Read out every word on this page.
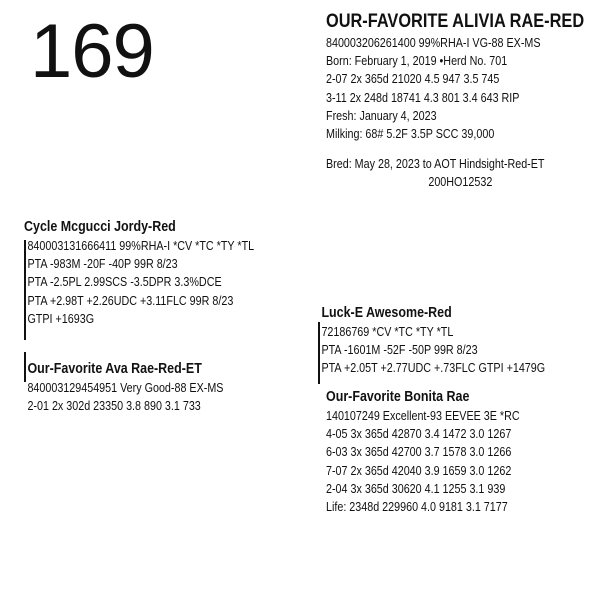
169	OUR-FAVORITE ALIVIA RAE-RED
840003206261400 99%RHA-I VG-88 EX-MS
Born: February 1, 2019 •Herd No. 701
2-07 2x 365d 21020 4.5 947 3.5 745
3-11 2x 248d 18741 4.3 801 3.4 643 RIP
Fresh: January 4, 2023
Milking: 68# 5.2F 3.5P SCC 39,000
Bred: May 28, 2023 to AOT Hindsight-Red-ET
200HO12532
Cycle Mcgucci Jordy-Red
840003131666411 99%RHA-I *CV *TC *TY *TL
PTA -983M -20F -40P 99R 8/23
PTA -2.5PL 2.99SCS -3.5DPR 3.3%DCE
PTA +2.98T +2.26UDC +3.11FLC 99R 8/23
GTPI +1693G
Our-Favorite Ava Rae-Red-ET
840003129454951 Very Good-88 EX-MS
2-01 2x 302d 23350 3.8 890 3.1 733
Luck-E Awesome-Red
72186769 *CV *TC *TY *TL
PTA -1601M -52F -50P 99R 8/23
PTA +2.05T +2.77UDC +.73FLC GTPI +1479G
Our-Favorite Bonita Rae
140107249 Excellent-93 EEVEE 3E *RC
4-05 3x 365d 42870 3.4 1472 3.0 1267
6-03 3x 365d 42700 3.7 1578 3.0 1266
7-07 2x 365d 42040 3.9 1659 3.0 1262
2-04 3x 365d 30620 4.1 1255 3.1 939
Life: 2348d 229960 4.0 9181 3.1 7177
